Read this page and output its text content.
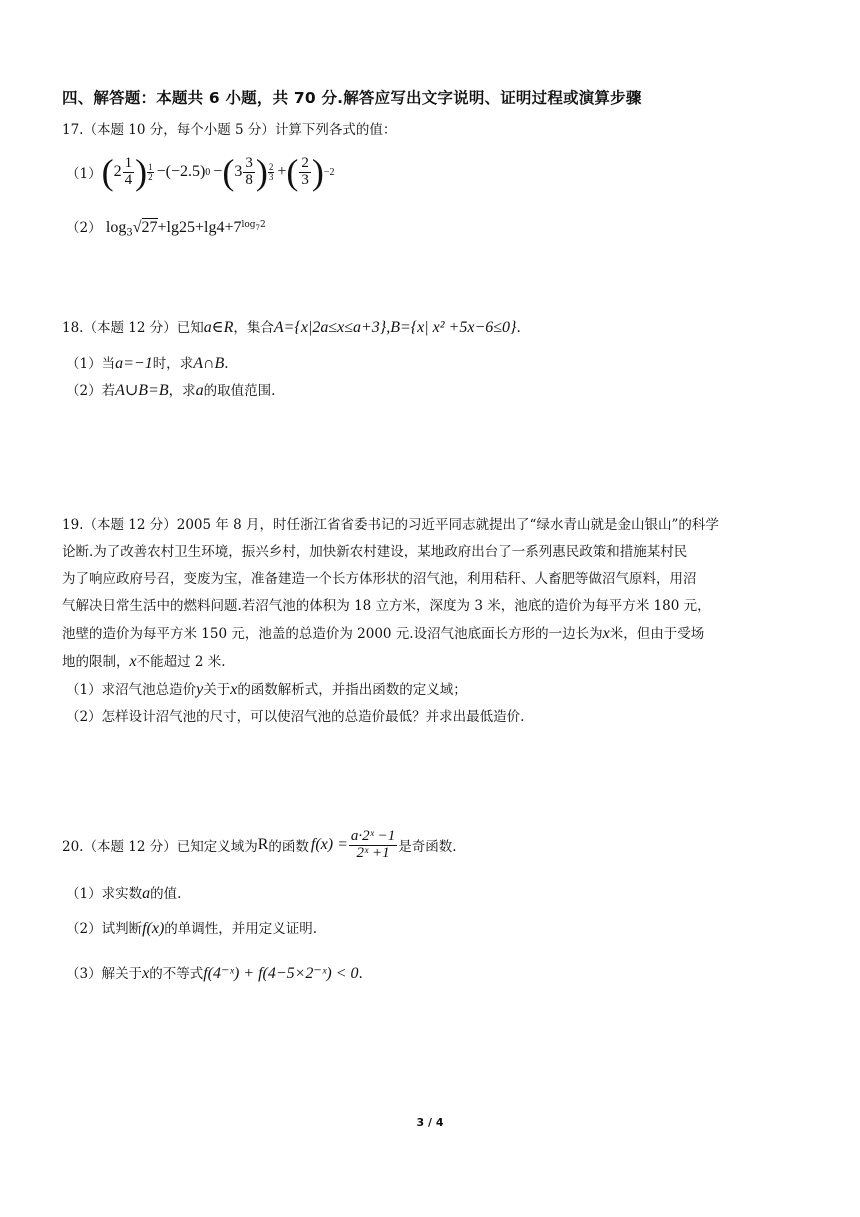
四、解答题：本题共 6 小题，共 70 分.解答应写出文字说明、证明过程或演算步骤
17.（本题 10 分，每个小题 5 分）计算下列各式的值：
（1） ( $2 \frac{1}{4}$ ) 1
2 −(−2.5) 0 − ( $3 \frac{3}{8}$ ) 2
3 + ( $\frac{2}{3}$ ) −2
（2） $\log_3√27+\lg 25+\lg 4+7^{log_72}$
18.（本题 12 分）已知a∈R，集合A={x|2a≤x≤a+3},B={x| x² +5x−6≤0}.
（1）当a=−1时，求A∩B.
（2）若A∪B=B，求a的取值范围.
19.（本题 12 分）2005 年 8 月，时任浙江省省委书记的习近平同志就提出了“绿水青山就是金山银山”的科学
论断.为了改善农村卫生环境，振兴乡村，加快新农村建设，某地政府出台了一系列惠民政策和措施某村民
为了响应政府号召，变废为宝，准备建造一个长方体形状的沼气池，利用秸秆、人畜肥等做沼气原料，用沼
气解决日常生活中的燃料问题.若沼气池的体积为 18 立方米，深度为 3 米，池底的造价为每平方米 180 元，
池壁的造价为每平方米 150 元，池盖的总造价为 2000 元.设沼气池底面长方形的一边长为x米，但由于受场
地的限制，x不能超过 2 米.
（1）求沼气池总造价y关于x的函数解析式，并指出函数的定义域；
（2）怎样设计沼气池的尺寸，可以使沼气池的总造价最低？并求出最低造价.
20.（本题 12 分）已知定义域为 R 的函数 $f(x) = \frac{\text{a·2ˣ −1}}{\text{2ˣ +1}}$ 是奇函数.
（1）求实数a的值.
（2）试判断f(x)的单调性，并用定义证明.
（3）解关于x的不等式f(4⁻ˣ) + f(4−5×2⁻ˣ) < 0.
3 / 4
